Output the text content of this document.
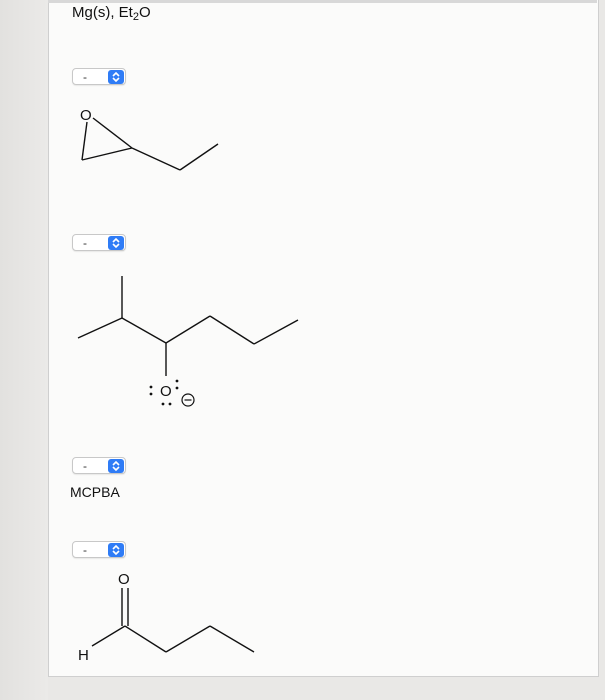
Mg(s), $Et_2O$
-
O
-
O
-
MCPBA
-
O
H
